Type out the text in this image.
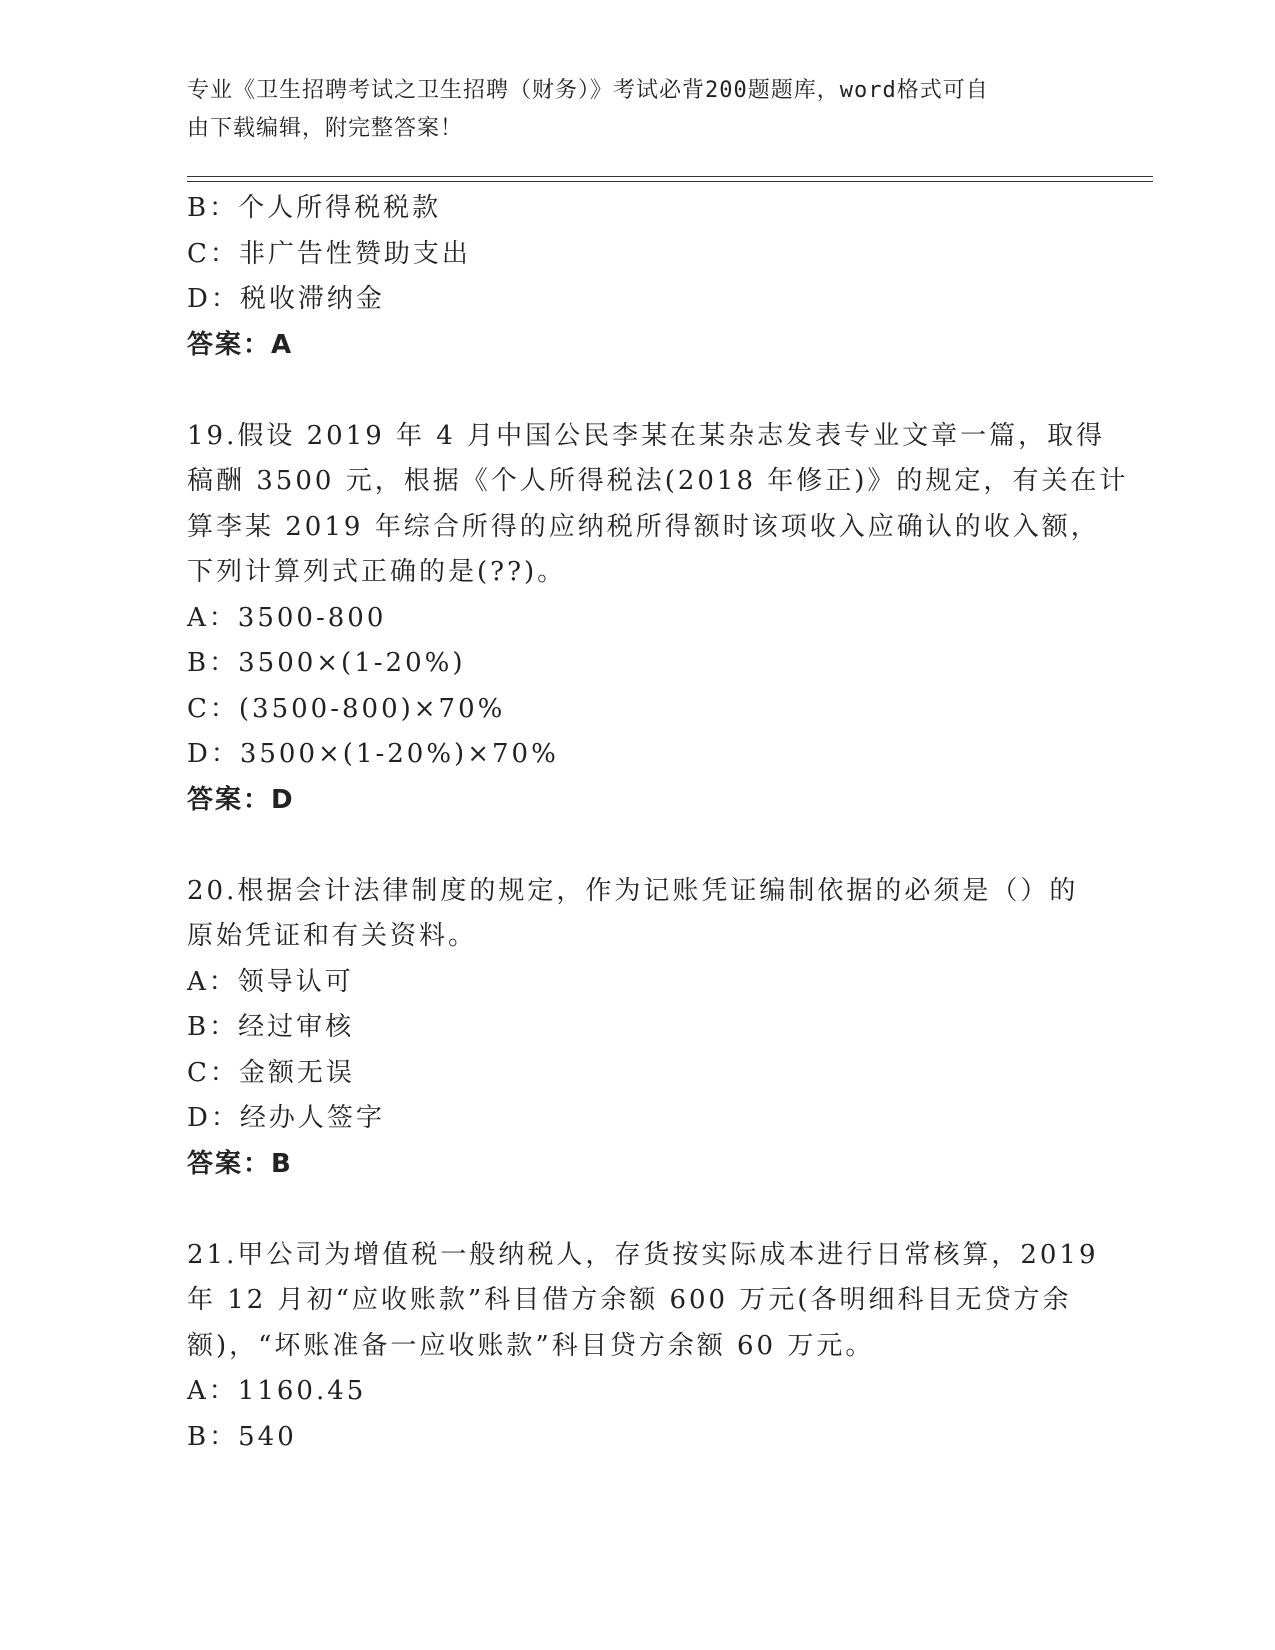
专业《卫生招聘考试之卫生招聘（财务）》考试必背200题题库，word格式可自
由下载编辑，附完整答案！
B：个人所得税税款
C：非广告性赞助支出
D：税收滞纳金
答案：A
19.假设 2019 年 4 月中国公民李某在某杂志发表专业文章一篇，取得
稿酬 3500 元，根据《个人所得税法(2018 年修正)》的规定，有关在计
算李某 2019 年综合所得的应纳税所得额时该项收入应确认的收入额，
下列计算列式正确的是(??)。
A：3500-800
B：3500×(1-20%)
C：(3500-800)×70%
D：3500×(1-20%)×70%
答案：D
20.根据会计法律制度的规定，作为记账凭证编制依据的必须是（）的
原始凭证和有关资料。
A：领导认可
B：经过审核
C：金额无误
D：经办人签字
答案：B
21.甲公司为增值税一般纳税人，存货按实际成本进行日常核算，2019
年 12 月初“应收账款”科目借方余额 600 万元(各明细科目无贷方余
额)，“坏账准备一应收账款”科目贷方余额 60 万元。
A：1160.45
B：540
